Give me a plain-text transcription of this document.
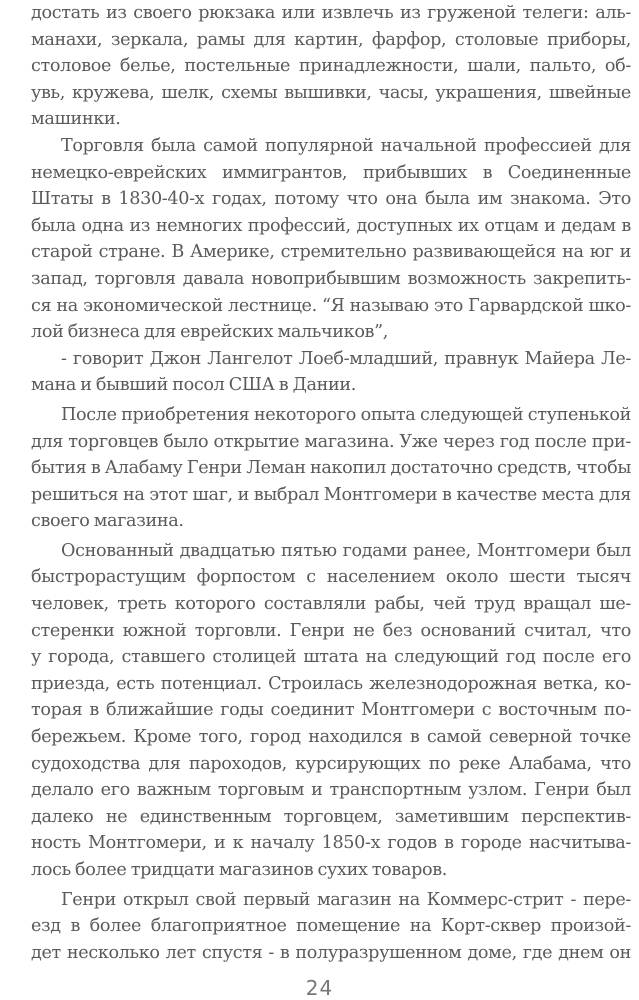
достать из своего рюкзака или извлечь из груженой телеги: аль-
манахи, зеркала, рамы для картин, фарфор, столовые приборы,
столовое белье, постельные принадлежности, шали, пальто, об-
увь, кружева, шелк, схемы вышивки, часы, украшения, швейные
машинки.
Торговля была самой популярной начальной профессией для
немецко-еврейских иммигрантов, прибывших в Соединенные
Штаты в 1830-40-х годах, потому что она была им знакома. Это
была одна из немногих профессий, доступных их отцам и дедам в
старой стране. В Америке, стремительно развивающейся на юг и
запад, торговля давала новоприбывшим возможность закрепить-
ся на экономической лестнице. “Я называю это Гарвардской шко-
лой бизнеса для еврейских мальчиков”,
- говорит Джон Лангелот Лоеб-младший, правнук Майера Ле-
мана и бывший посол США в Дании.
После приобретения некоторого опыта следующей ступенькой
для торговцев было открытие магазина. Уже через год после при-
бытия в Алабаму Генри Леман накопил достаточно средств, чтобы
решиться на этот шаг, и выбрал Монтгомери в качестве места для
своего магазина.
Основанный двадцатью пятью годами ранее, Монтгомери был
быстрорастущим форпостом с населением около шести тысяч
человек, треть которого составляли рабы, чей труд вращал ше-
стеренки южной торговли. Генри не без оснований считал, что
у города, ставшего столицей штата на следующий год после его
приезда, есть потенциал. Строилась железнодорожная ветка, ко-
торая в ближайшие годы соединит Монтгомери с восточным по-
бережьем. Кроме того, город находился в самой северной точке
судоходства для пароходов, курсирующих по реке Алабама, что
делало его важным торговым и транспортным узлом. Генри был
далеко не единственным торговцем, заметившим перспектив-
ность Монтгомери, и к началу 1850-х годов в городе насчитыва-
лось более тридцати магазинов сухих товаров.
Генри открыл свой первый магазин на Коммерс-стрит - пере-
езд в более благоприятное помещение на Корт-сквер произой-
дет несколько лет спустя - в полуразрушенном доме, где днем он
24
